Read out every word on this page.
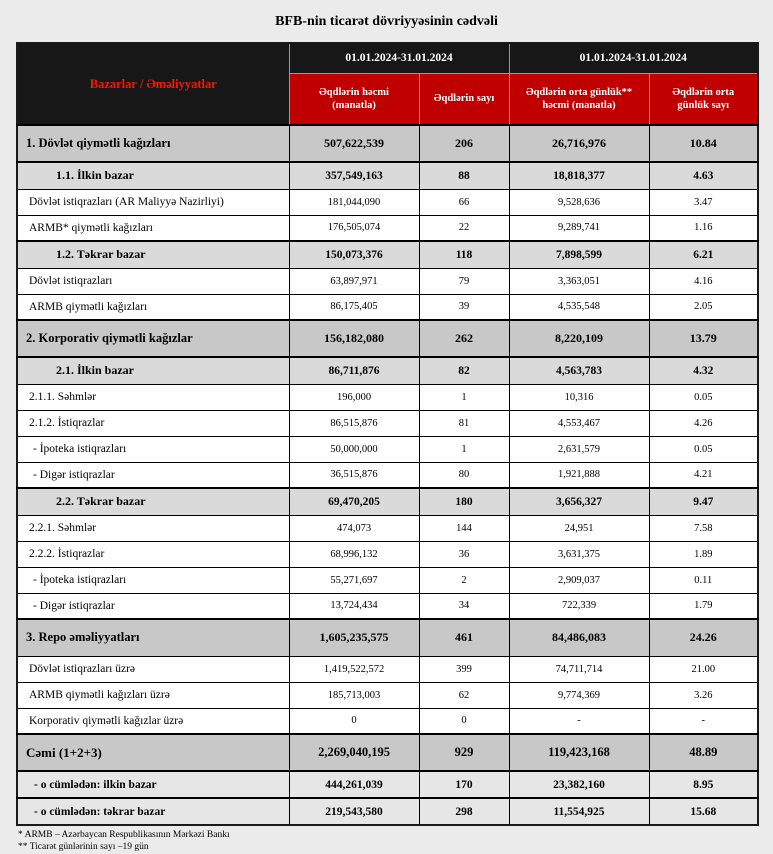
BFB-nin ticarət dövriyyəsinin cədvəli
Bazarlar / Əməliyyatlar	01.01.2024-31.01.2024		01.01.2024-31.01.2024	
	Əqdlərin həcmi (manatla)	Əqdlərin sayı	Əqdlərin orta günlük** həcmi (manatla)	Əqdlərin orta günlük sayı
1. Dövlət qiymətli kağızları	507,622,539	206	26,716,976	10.84
1.1. İlkin bazar	357,549,163	88	18,818,377	4.63
Dövlət istiqrazları (AR Maliyyə Nazirliyi)	181,044,090	66	9,528,636	3.47
ARMB* qiymətli kağızları	176,505,074	22	9,289,741	1.16
1.2. Təkrar bazar	150,073,376	118	7,898,599	6.21
Dövlət istiqrazları	63,897,971	79	3,363,051	4.16
ARMB qiymətli kağızları	86,175,405	39	4,535,548	2.05
2. Korporativ qiymətli kağızlar	156,182,080	262	8,220,109	13.79
2.1. İlkin bazar	86,711,876	82	4,563,783	4.32
2.1.1. Səhmlər	196,000	1	10,316	0.05
2.1.2. İstiqrazlar	86,515,876	81	4,553,467	4.26
- İpoteka istiqrazları	50,000,000	1	2,631,579	0.05
- Digər istiqrazlar	36,515,876	80	1,921,888	4.21
2.2. Təkrar bazar	69,470,205	180	3,656,327	9.47
2.2.1. Səhmlər	474,073	144	24,951	7.58
2.2.2. İstiqrazlar	68,996,132	36	3,631,375	1.89
- İpoteka istiqrazları	55,271,697	2	2,909,037	0.11
- Digər istiqrazlar	13,724,434	34	722,339	1.79
3. Repo əməliyyatları	1,605,235,575	461	84,486,083	24.26
Dövlət istiqrazları üzrə	1,419,522,572	399	74,711,714	21.00
ARMB qiymətli kağızları üzrə	185,713,003	62	9,774,369	3.26
Korporativ qiymətli kağızlar üzrə	0	0	-	-
Cəmi (1+2+3)	2,269,040,195	929	119,423,168	48.89
- o cümlədən: ilkin bazar	444,261,039	170	23,382,160	8.95
- o cümlədən: təkrar bazar	219,543,580	298	11,554,925	15.68
* ARMB – Azərbaycan Respublikasının Mərkəzi Bankı
** Ticarət günlərinin sayı –19 gün
